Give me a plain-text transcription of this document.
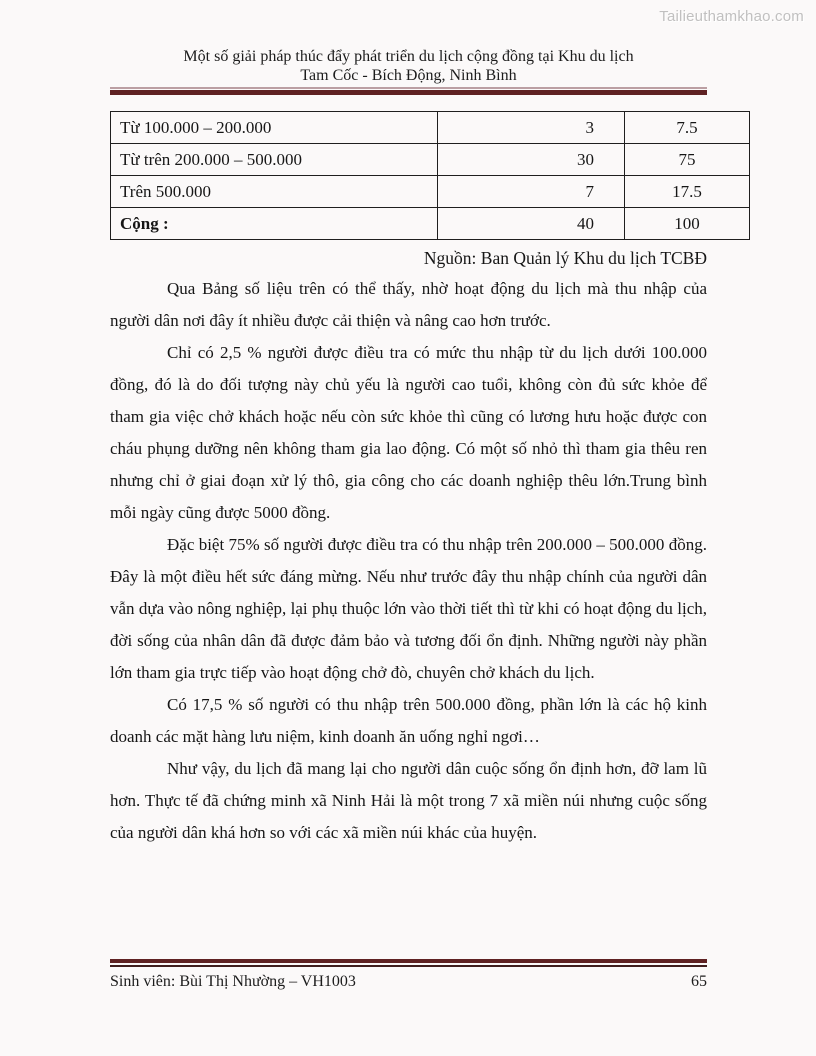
Tailieuthamkhao.com
Một số giải pháp thúc đẩy phát triển du lịch cộng đồng tại Khu du lịch
Tam Cốc - Bích Động, Ninh Bình
Từ 100.000 – 200.000	3	7.5
Từ trên 200.000 – 500.000	30	75
Trên 500.000	7	17.5
Cộng :	40	100
Nguồn: Ban Quản lý Khu du lịch TCBĐ

Qua Bảng số liệu trên có thể thấy, nhờ hoạt động du lịch mà thu nhập của người dân nơi đây ít nhiều được cải thiện và nâng cao hơn trước.

Chỉ có 2,5 % người được điều tra có mức thu nhập từ du lịch dưới 100.000 đồng, đó là do đối tượng này chủ yếu là người cao tuổi, không còn đủ sức khỏe để tham gia việc chở khách hoặc nếu còn sức khỏe thì cũng có lương hưu hoặc được con cháu phụng dưỡng nên không tham gia lao động. Có một số nhỏ thì tham gia thêu ren nhưng chỉ ở giai đoạn xử lý thô, gia công cho các doanh nghiệp thêu lớn.Trung bình mỗi ngày cũng được 5000 đồng.

Đặc biệt 75% số người được điều tra có thu nhập trên 200.000 – 500.000 đồng. Đây là một điều hết sức đáng mừng. Nếu như trước đây thu nhập chính của người dân vẫn dựa vào nông nghiệp, lại phụ thuộc lớn vào thời tiết thì từ khi có hoạt động du lịch, đời sống của nhân dân đã được đảm bảo và tương đối ổn định. Những người này phần lớn tham gia trực tiếp vào hoạt động chở đò, chuyên chở khách du lịch.

Có 17,5 % số người có thu nhập trên 500.000 đồng, phần lớn là các hộ kinh doanh các mặt hàng lưu niệm, kinh doanh ăn uống nghỉ ngơi…

Như vậy, du lịch đã mang lại cho người dân cuộc sống ổn định hơn, đỡ lam lũ hơn. Thực tế đã chứng minh xã Ninh Hải là một trong 7 xã miền núi nhưng cuộc sống của người dân khá hơn so với các xã miền núi khác của huyện.

Sinh viên: Bùi Thị Nhường – VH1003	65
